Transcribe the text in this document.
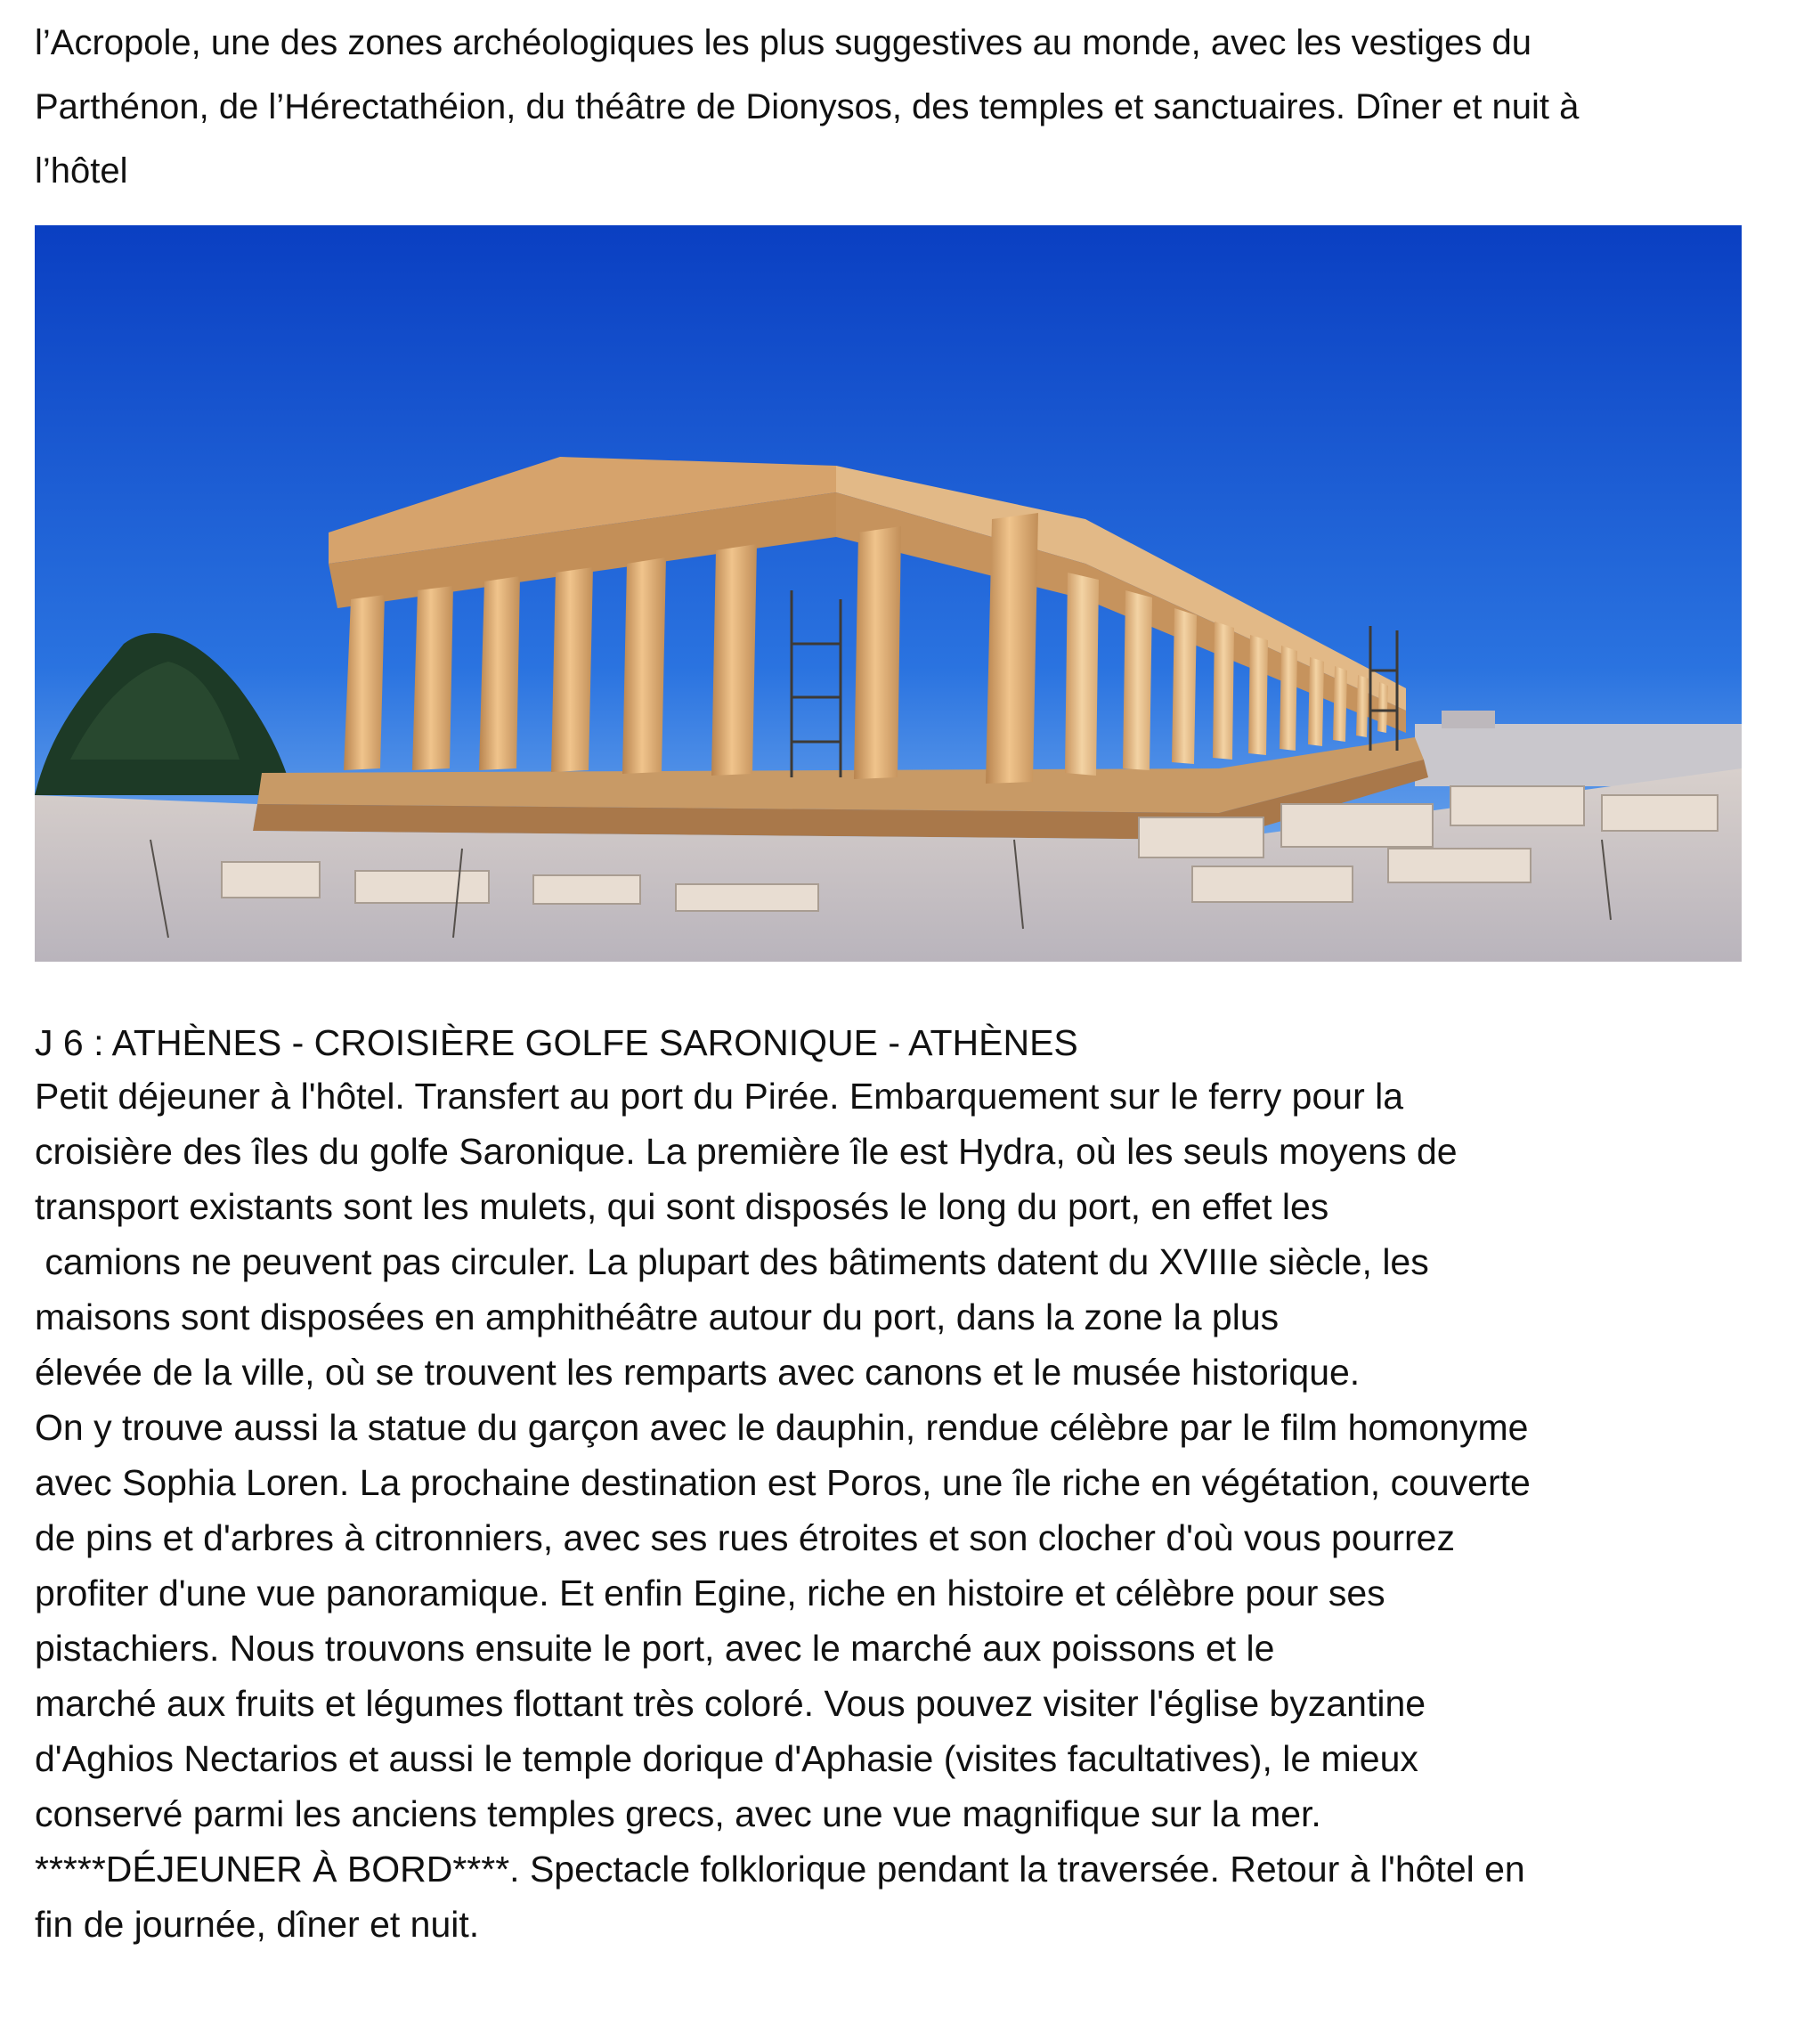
l’Acropole, une des zones archéologiques les plus suggestives au monde, avec les vestiges du
Parthénon, de l’Hérectathéion, du théâtre de Dionysos, des temples et sanctuaires. Dîner et nuit à
l’hôtel

J 6 : ATHÈNES - CROISIÈRE GOLFE SARONIQUE - ATHÈNES

Petit déjeuner à l'hôtel. Transfert au port du Pirée. Embarquement sur le ferry pour la
croisière des îles du golfe Saronique. La première île est Hydra, où les seuls moyens de
transport existants sont les mulets, qui sont disposés le long du port, en effet les
camions ne peuvent pas circuler. La plupart des bâtiments datent du XVIIIe siècle, les
maisons sont disposées en amphithéâtre autour du port, dans la zone la plus
élevée de la ville, où se trouvent les remparts avec canons et le musée historique.
On y trouve aussi la statue du garçon avec le dauphin, rendue célèbre par le film homonyme
avec Sophia Loren. La prochaine destination est Poros, une île riche en végétation, couverte
de pins et d'arbres à citronniers, avec ses rues étroites et son clocher d'où vous pourrez
profiter d'une vue panoramique. Et enfin Egine, riche en histoire et célèbre pour ses
pistachiers. Nous trouvons ensuite le port, avec le marché aux poissons et le
marché aux fruits et légumes flottant très coloré. Vous pouvez visiter l'église byzantine
d'Aghios Nectarios et aussi le temple dorique d'Aphasie (visites facultatives), le mieux
conservé parmi les anciens temples grecs, avec une vue magnifique sur la mer.
*****DÉJEUNER À BORD****. Spectacle folklorique pendant la traversée. Retour à l'hôtel en
fin de journée, dîner et nuit.
